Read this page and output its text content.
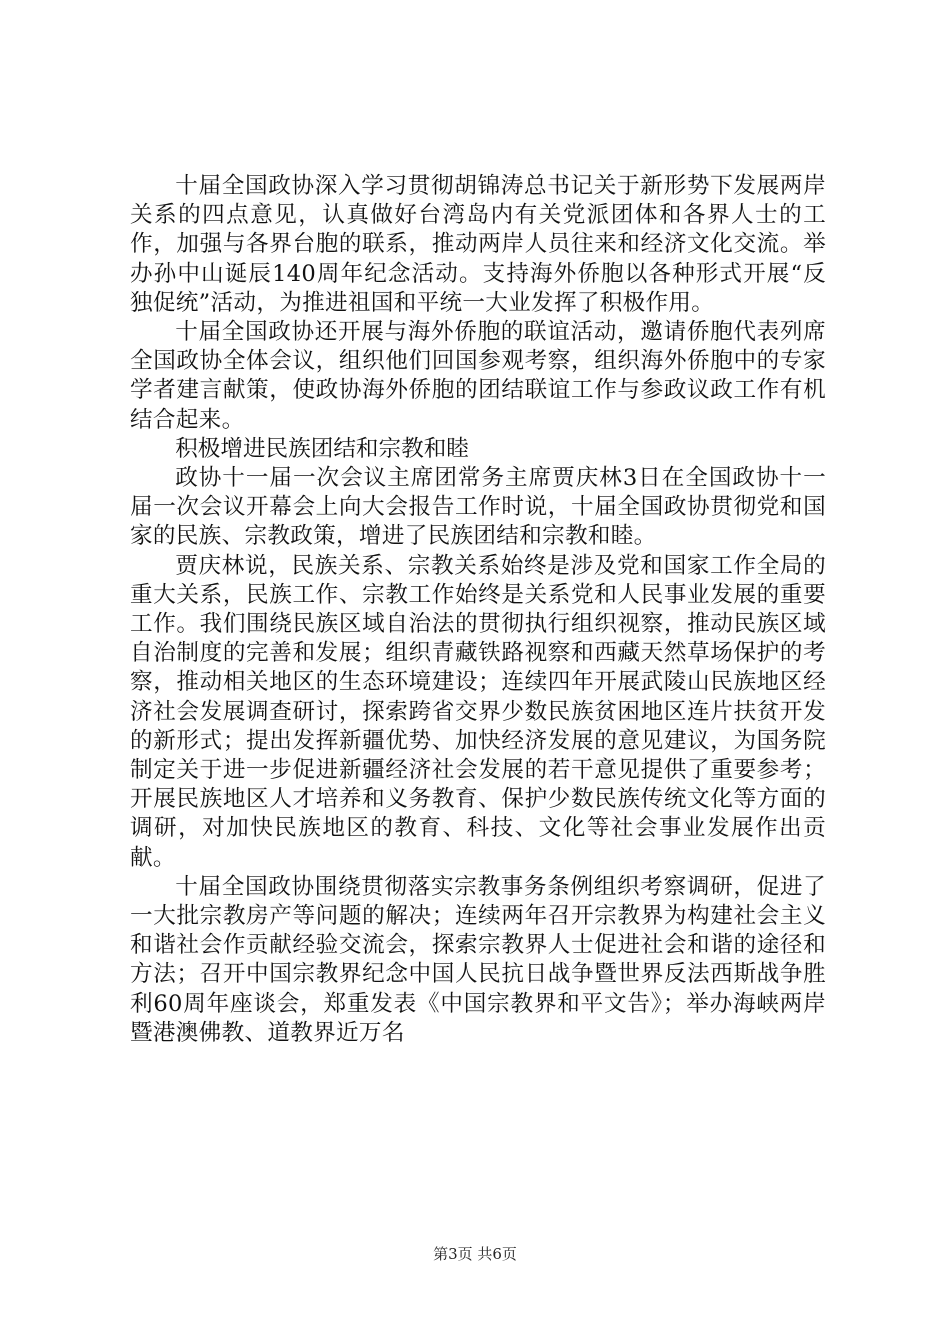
十届全国政协深入学习贯彻胡锦涛总书记关于新形势下发展两岸关系的四点意见，认真做好台湾岛内有关党派团体和各界人士的工作，加强与各界台胞的联系，推动两岸人员往来和经济文化交流。举办孙中山诞辰140周年纪念活动。支持海外侨胞以各种形式开展“反独促统”活动，为推进祖国和平统一大业发挥了积极作用。

十届全国政协还开展与海外侨胞的联谊活动，邀请侨胞代表列席全国政协全体会议，组织他们回国参观考察，组织海外侨胞中的专家学者建言献策，使政协海外侨胞的团结联谊工作与参政议政工作有机结合起来。

积极增进民族团结和宗教和睦

政协十一届一次会议主席团常务主席贾庆林3日在全国政协十一届一次会议开幕会上向大会报告工作时说，十届全国政协贯彻党和国家的民族、宗教政策，增进了民族团结和宗教和睦。

贾庆林说，民族关系、宗教关系始终是涉及党和国家工作全局的重大关系，民族工作、宗教工作始终是关系党和人民事业发展的重要工作。我们围绕民族区域自治法的贯彻执行组织视察，推动民族区域自治制度的完善和发展；组织青藏铁路视察和西藏天然草场保护的考察，推动相关地区的生态环境建设；连续四年开展武陵山民族地区经济社会发展调查研讨，探索跨省交界少数民族贫困地区连片扶贫开发的新形式；提出发挥新疆优势、加快经济发展的意见建议，为国务院制定关于进一步促进新疆经济社会发展的若干意见提供了重要参考；开展民族地区人才培养和义务教育、保护少数民族传统文化等方面的调研，对加快民族地区的教育、科技、文化等社会事业发展作出贡献。

十届全国政协围绕贯彻落实宗教事务条例组织考察调研，促进了一大批宗教房产等问题的解决；连续两年召开宗教界为构建社会主义和谐社会作贡献经验交流会，探索宗教界人士促进社会和谐的途径和方法；召开中国宗教界纪念中国人民抗日战争暨世界反法西斯战争胜利60周年座谈会，郑重发表《中国宗教界和平文告》；举办海峡两岸暨港澳佛教、道教界近万名

第3页 共6页
